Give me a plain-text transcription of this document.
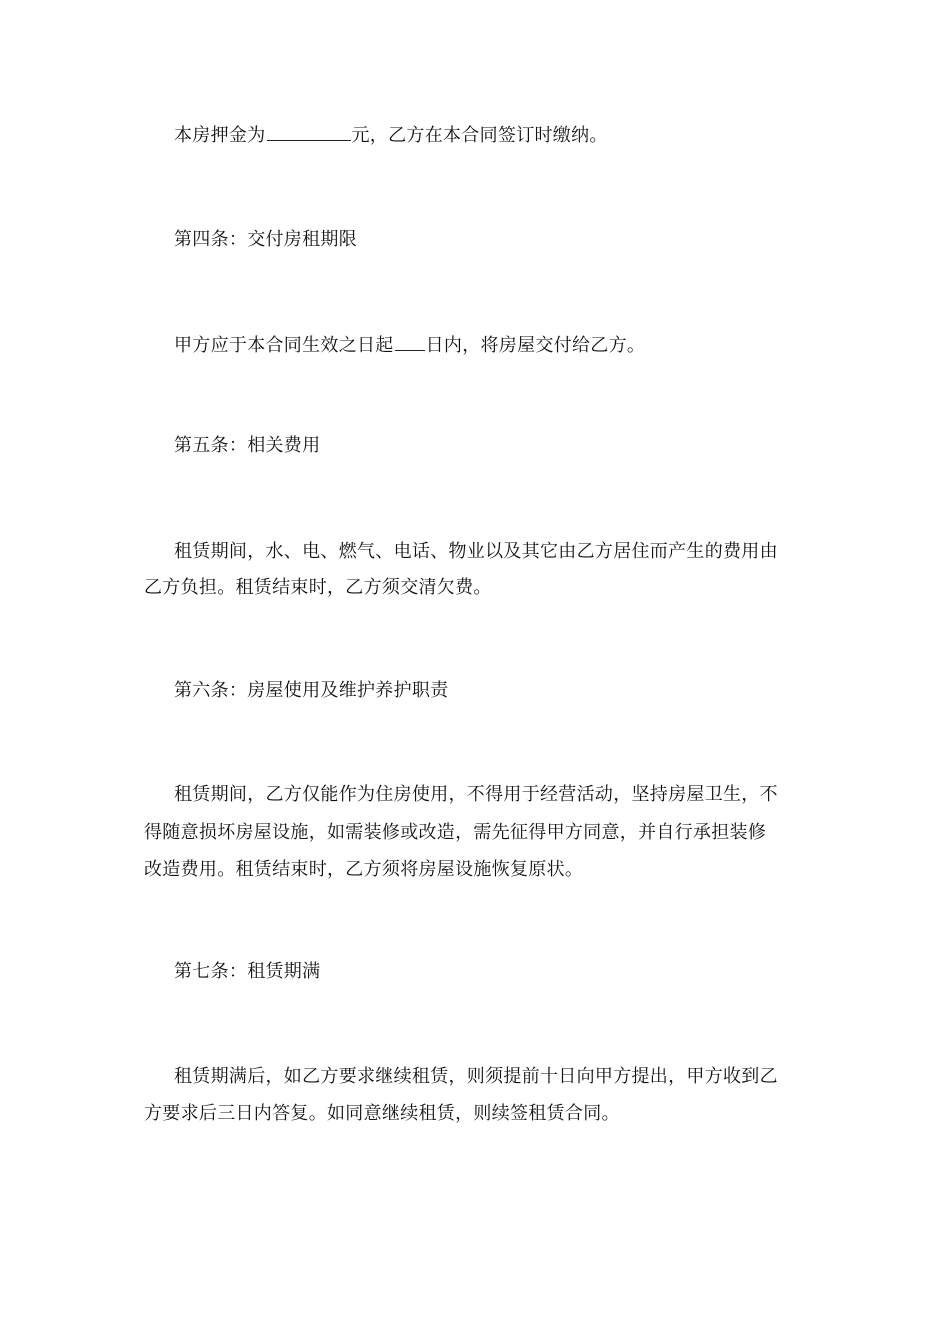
本房押金为	元，乙方在本合同签订时缴纳。
第四条：交付房租期限
甲方应于本合同生效之日起 日内，将房屋交付给乙方。
第五条：相关费用
租赁期间，水、电、燃气、电话、物业以及其它由乙方居住而产生的费用由
乙方负担。租赁结束时，乙方须交清欠费。
第六条：房屋使用及维护养护职责
租赁期间，乙方仅能作为住房使用，不得用于经营活动，坚持房屋卫生，不
得随意损坏房屋设施，如需装修或改造，需先征得甲方同意，并自行承担装修
改造费用。租赁结束时，乙方须将房屋设施恢复原状。
第七条：租赁期满
租赁期满后，如乙方要求继续租赁，则须提前十日向甲方提出，甲方收到乙
方要求后三日内答复。如同意继续租赁，则续签租赁合同。
